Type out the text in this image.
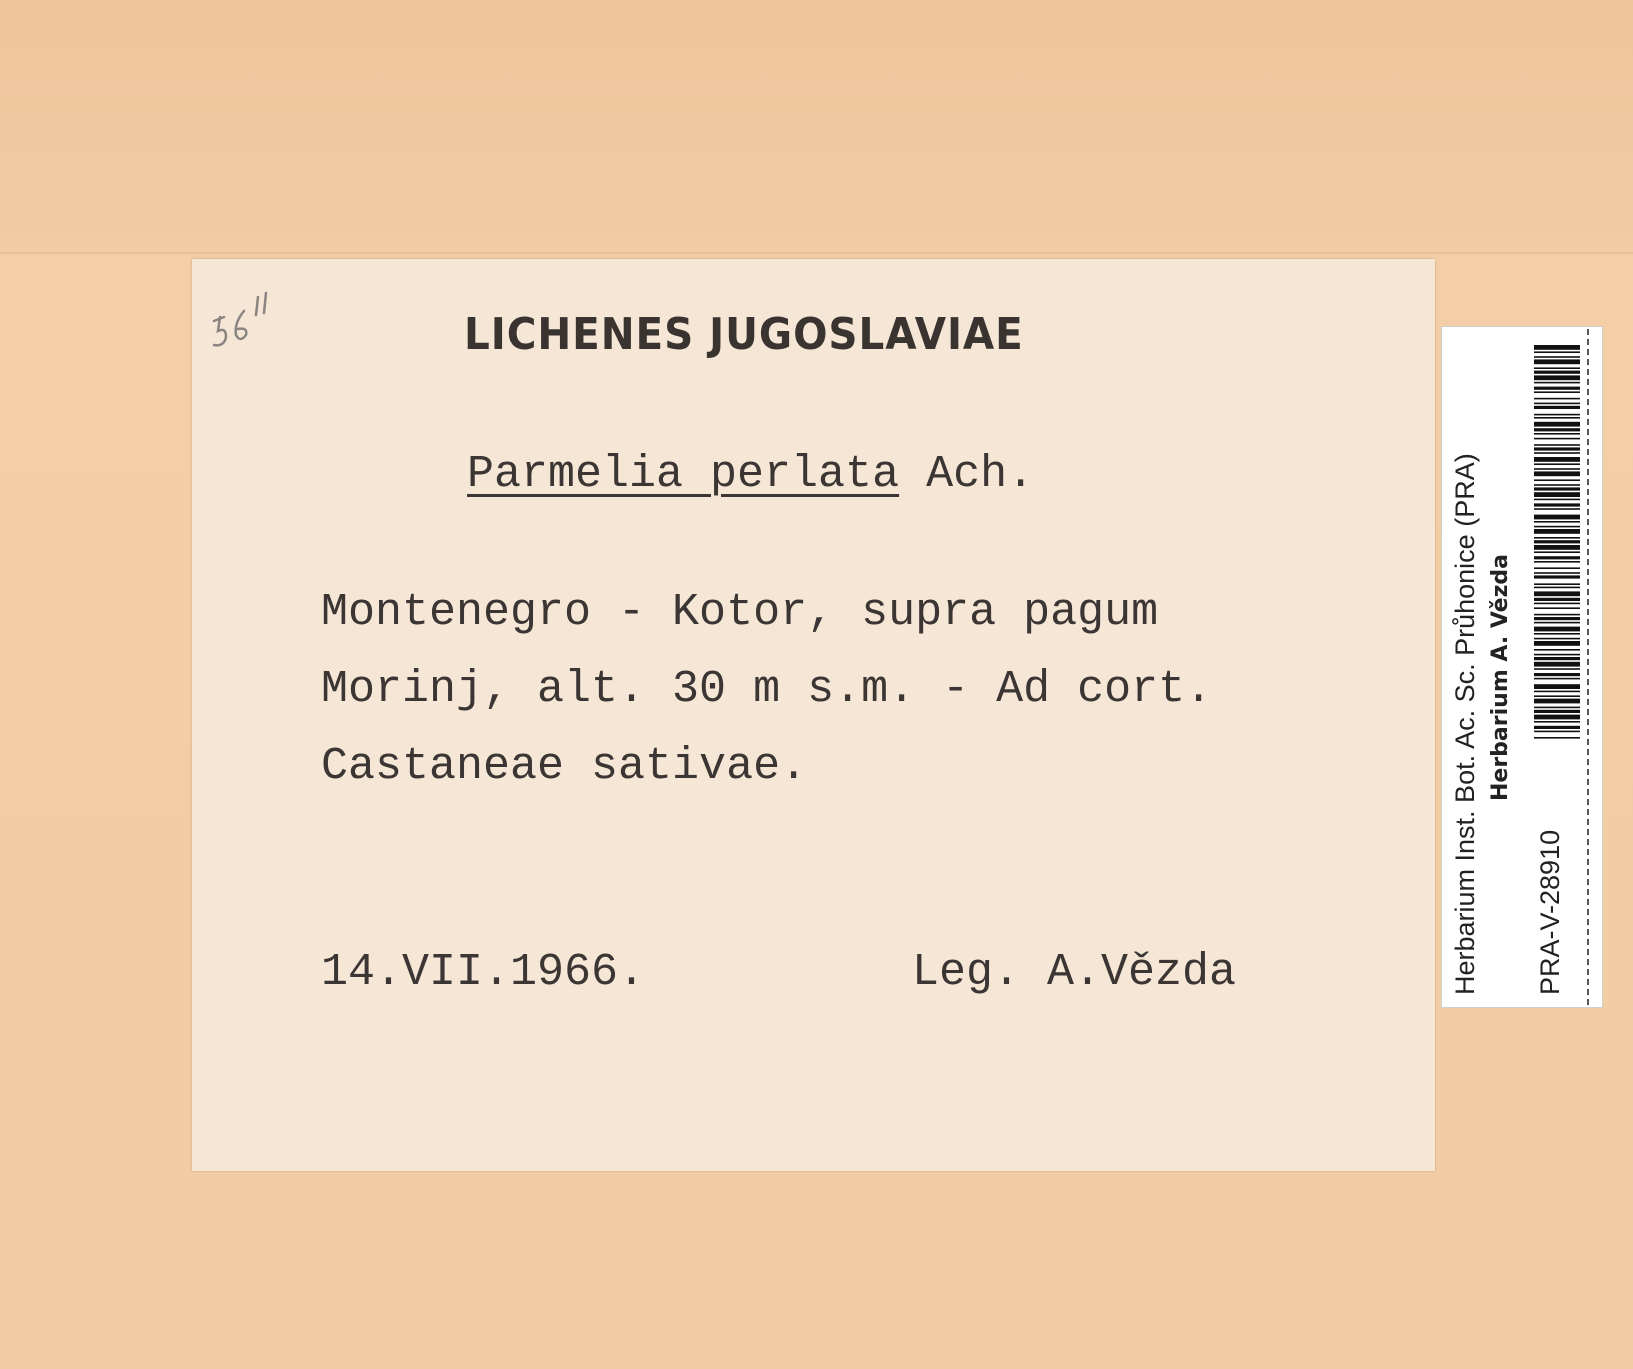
LICHENES JUGOSLAVIAE

Parmelia perlata Ach.

Montenegro - Kotor, supra pagum

Morinj, alt. 30 m s.m. - Ad cort.

Castaneae sativae.

14.VII.1966.	Leg. A.Vězda	Herbarium Inst. Bot. Ac. Sc. Průhonice (PRA) Herbarium A. Vězda
PRA-V-28910
